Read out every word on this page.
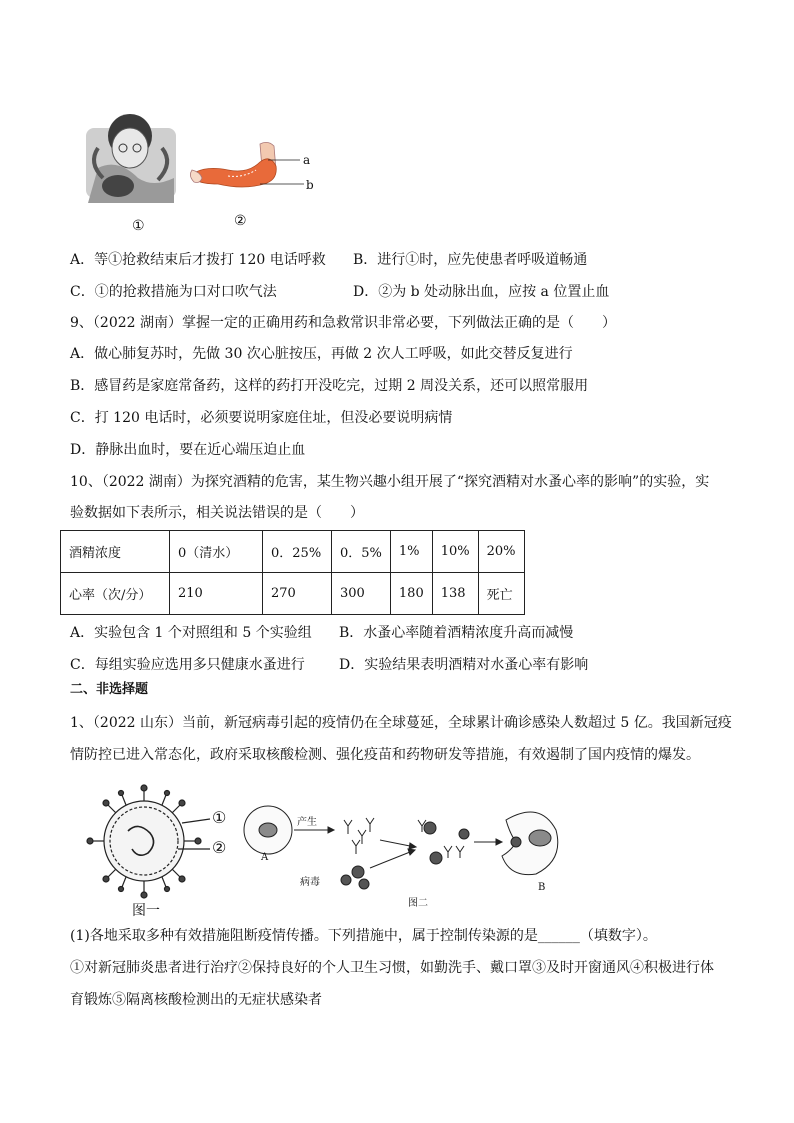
①
a
b
②
A．等①抢救结束后才拨打 120 电话呼救 B．进行①时，应先使患者呼吸道畅通
C．①的抢救措施为口对口吹气法	D．②为 b 处动脉出血，应按 a 位置止血
9、（2022 湖南）掌握一定的正确用药和急救常识非常必要，下列做法正确的是（　　）
A．做心肺复苏时，先做 30 次心脏按压，再做 2 次人工呼吸，如此交替反复进行
B．感冒药是家庭常备药，这样的药打开没吃完，过期 2 周没关系，还可以照常服用
C．打 120 电话时，必须要说明家庭住址，但没必要说明病情
D．静脉出血时，要在近心端压迫止血
10、（2022 湖南）为探究酒精的危害，某生物兴趣小组开展了“探究酒精对水蚤心率的影响”的实验，实
验数据如下表所示，相关说法错误的是（　　）
酒精浓度	0（清水）	0．25%	0．5%	1%	10%	20%
心率（次/分）	210	270	300	180	138	死亡
A．实验包含 1 个对照组和 5 个实验组 B．水蚤心率随着酒精浓度升高而减慢
C．每组实验应选用多只健康水蚤进行 D．实验结果表明酒精对水蚤心率有影响
二、非选择题
1、（2022 山东）当前，新冠病毒引起的疫情仍在全球蔓延，全球累计确诊感染人数超过 5 亿。我国新冠疫
情防控已进入常态化，政府采取核酸检测、强化疫苗和药物研发等措施，有效遏制了国内疫情的爆发。
①
②
图一
A
产生
病毒
图二
B
(1)各地采取多种有效措施阻断疫情传播。下列措施中，属于控制传染源的是______（填数字）。
①对新冠肺炎患者进行治疗②保持良好的个人卫生习惯，如勤洗手、戴口罩③及时开窗通风④积极进行体
育锻炼⑤隔离核酸检测出的无症状感染者
